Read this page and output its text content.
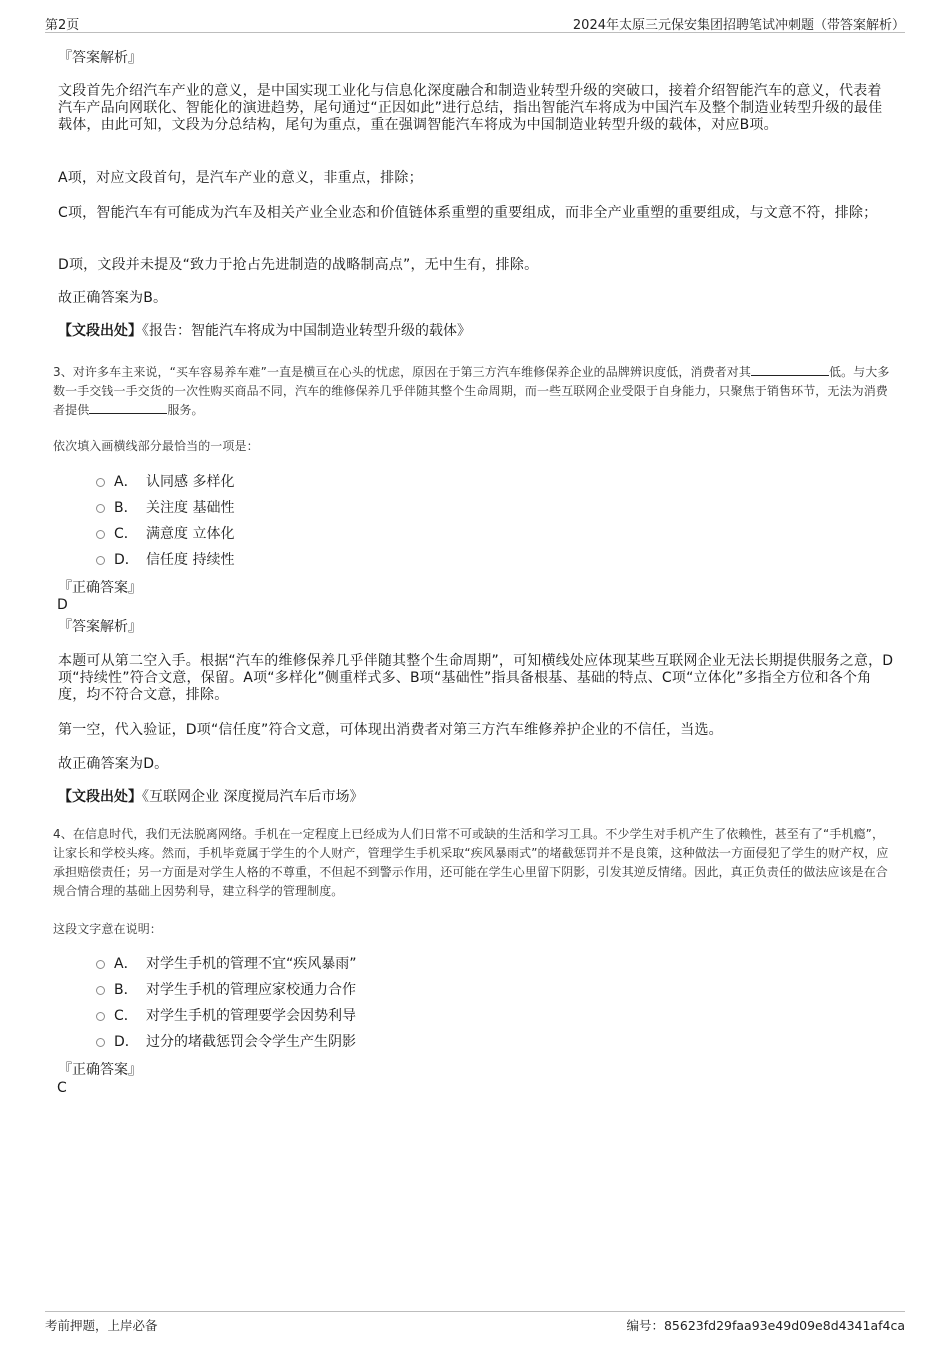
第2页	2024年太原三元保安集团招聘笔试冲刺题（带答案解析）
『答案解析』
文段首先介绍汽车产业的意义，是中国实现工业化与信息化深度融合和制造业转型升级的突破口，接着介绍智能汽车的意义，代表着汽车产品向网联化、智能化的演进趋势，尾句通过“正因如此”进行总结，指出智能汽车将成为中国汽车及整个制造业转型升级的最佳载体，由此可知，文段为分总结构，尾句为重点，重在强调智能汽车将成为中国制造业转型升级的载体，对应B项。
A项，对应文段首句，是汽车产业的意义，非重点，排除；
C项，智能汽车有可能成为汽车及相关产业全业态和价值链体系重塑的重要组成，而非全产业重塑的重要组成，与文意不符，排除；
D项，文段并未提及“致力于抢占先进制造的战略制高点”，无中生有，排除。
故正确答案为B。
【文段出处】《报告：智能汽车将成为中国制造业转型升级的载体》
3、对许多车主来说，“买车容易养车难”一直是横亘在心头的忧虑，原因在于第三方汽车维修保养企业的品牌辨识度低，消费者对其	低。与大多数一手交钱一手交货的一次性购买商品不同，汽车的维修保养几乎伴随其整个生命周期，而一些互联网企业受限于自身能力，只聚焦于销售环节，无法为消费者提供	服务。
依次填入画横线部分最恰当的一项是：
A． 认同感 多样化
B． 关注度 基础性
C． 满意度 立体化
D． 信任度 持续性
『正确答案』
D
『答案解析』
本题可从第二空入手。根据“汽车的维修保养几乎伴随其整个生命周期”，可知横线处应体现某些互联网企业无法长期提供服务之意，D项“持续性”符合文意，保留。A项“多样化”侧重样式多、B项“基础性”指具备根基、基础的特点、C项“立体化”多指全方位和各个角度，均不符合文意，排除。
第一空，代入验证，D项“信任度”符合文意，可体现出消费者对第三方汽车维修养护企业的不信任，当选。
故正确答案为D。
【文段出处】《互联网企业 深度搅局汽车后市场》
4、在信息时代，我们无法脱离网络。手机在一定程度上已经成为人们日常不可或缺的生活和学习工具。不少学生对手机产生了依赖性，甚至有了“手机瘾”，让家长和学校头疼。然而，手机毕竟属于学生的个人财产，管理学生手机采取“疾风暴雨式”的堵截惩罚并不是良策，这种做法一方面侵犯了学生的财产权，应承担赔偿责任；另一方面是对学生人格的不尊重，不但起不到警示作用，还可能在学生心里留下阴影，引发其逆反情绪。因此，真正负责任的做法应该是在合规合情合理的基础上因势利导，建立科学的管理制度。
这段文字意在说明：
A． 对学生手机的管理不宜“疾风暴雨”
B． 对学生手机的管理应家校通力合作
C． 对学生手机的管理要学会因势利导
D． 过分的堵截惩罚会令学生产生阴影
『正确答案』
C
考前押题，上岸必备	编号：85623fd29faa93e49d09e8d4341af4ca
